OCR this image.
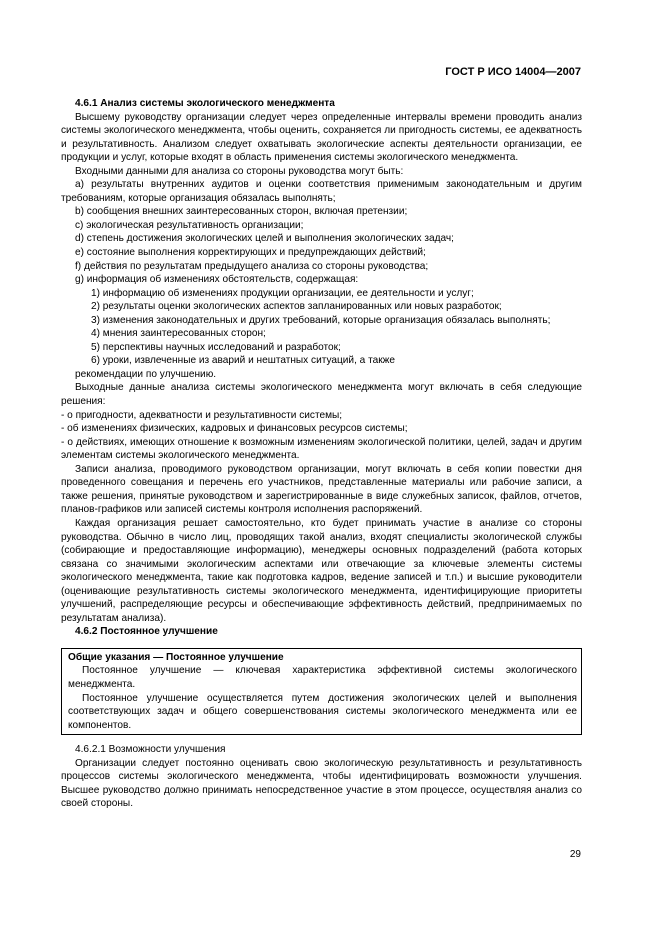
ГОСТ Р ИСО 14004—2007

4.6.1 Анализ системы экологического менеджмента

Высшему руководству организации следует через определенные интервалы времени проводить анализ системы экологического менеджмента, чтобы оценить, сохраняется ли пригодность системы, ее адекватность и результативность. Анализом следует охватывать экологические аспекты деятельности организации, ее продукции и услуг, которые входят в область применения системы экологического менеджмента.

Входными данными для анализа со стороны руководства могут быть:

a) результаты внутренних аудитов и оценки соответствия применимым законодательным и другим требованиям, которые организация обязалась выполнять;

b) сообщения внешних заинтересованных сторон, включая претензии;

c) экологическая результативность организации;

d) степень достижения экологических целей и выполнения экологических задач;

e) состояние выполнения корректирующих и предупреждающих действий;

f) действия по результатам предыдущего анализа со стороны руководства;

g) информация об изменениях обстоятельств, содержащая:

1) информацию об изменениях продукции организации, ее деятельности и услуг;

2) результаты оценки экологических аспектов запланированных или новых разработок;

3) изменения законодательных и других требований, которые организация обязалась выполнять;

4) мнения заинтересованных сторон;

5) перспективы научных исследований и разработок;

6) уроки, извлеченные из аварий и нештатных ситуаций, а также

рекомендации по улучшению.

Выходные данные анализа системы экологического менеджмента могут включать в себя следующие решения:

- о пригодности, адекватности и результативности системы;

- об изменениях физических, кадровых и финансовых ресурсов системы;

- о действиях, имеющих отношение к возможным изменениям экологической политики, целей, задач и другим элементам системы экологического менеджмента.

Записи анализа, проводимого руководством организации, могут включать в себя копии повестки дня проведенного совещания и перечень его участников, представленные материалы или рабочие записи, а также решения, принятые руководством и зарегистрированные в виде служебных записок, файлов, отчетов, планов-графиков или записей системы контроля исполнения распоряжений.

Каждая организация решает самостоятельно, кто будет принимать участие в анализе со стороны руководства. Обычно в число лиц, проводящих такой анализ, входят специалисты экологической службы (собирающие и предоставляющие информацию), менеджеры основных подразделений (работа которых связана со значимыми экологическим аспектами или отвечающие за ключевые элементы системы экологического менеджмента, такие как подготовка кадров, ведение записей и т.п.) и высшие руководители (оценивающие результативность системы экологического менеджмента, идентифицирующие приоритеты улучшений, распределяющие ресурсы и обеспечивающие эффективность действий, предпринимаемых по результатам анализа).

4.6.2 Постоянное улучшение

Общие указания — Постоянное улучшение

Постоянное улучшение — ключевая характеристика эффективной системы экологического менеджмента.

Постоянное улучшение осуществляется путем достижения экологических целей и выполнения соответствующих задач и общего совершенствования системы экологического менеджмента или ее компонентов.

4.6.2.1 Возможности улучшения

Организации следует постоянно оценивать свою экологическую результативность и результативность процессов системы экологического менеджмента, чтобы идентифицировать возможности улучшения. Высшее руководство должно принимать непосредственное участие в этом процессе, осуществляя анализ со своей стороны.

29
